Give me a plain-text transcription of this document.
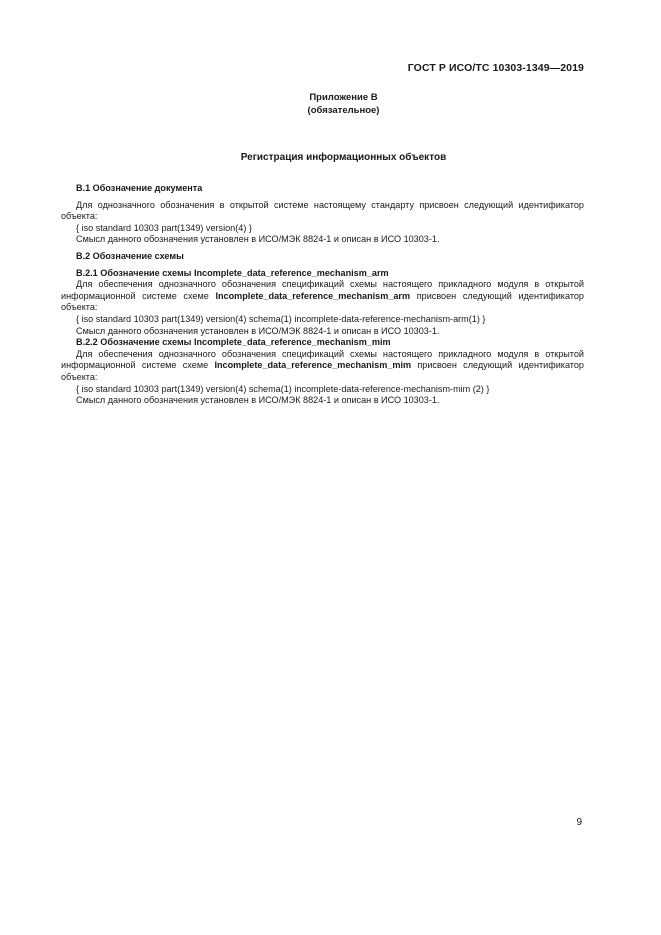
ГОСТ Р ИСО/ТС 10303-1349—2019
Приложение B
(обязательное)
Регистрация информационных объектов

В.1 Обозначение документа

Для однозначного обозначения в открытой системе настоящему стандарту присвоен следующий идентификатор объекта:

{ iso standard 10303 part(1349) version(4) }

Смысл данного обозначения установлен в ИСО/МЭК 8824-1 и описан в ИСО 10303-1.

В.2 Обозначение схемы

В.2.1 Обозначение схемы Incomplete_data_reference_mechanism_arm

Для обеспечения однозначного обозначения спецификаций схемы настоящего прикладного модуля в открытой информационной системе схеме Incomplete_data_reference_mechanism_arm присвоен следующий идентификатор объекта:

{ iso standard 10303 part(1349) version(4) schema(1) incomplete-data-reference-mechanism-arm(1) }

Смысл данного обозначения установлен в ИСО/МЭК 8824-1 и описан в ИСО 10303-1.

В.2.2 Обозначение схемы Incomplete_data_reference_mechanism_mim

Для обеспечения однозначного обозначения спецификаций схемы настоящего прикладного модуля в открытой информационной системе схеме Incomplete_data_reference_mechanism_mim присвоен следующий идентификатор объекта:

{ iso standard 10303 part(1349) version(4) schema(1) incomplete-data-reference-mechanism-mim (2) }

Смысл данного обозначения установлен в ИСО/МЭК 8824-1 и описан в ИСО 10303-1.

9
